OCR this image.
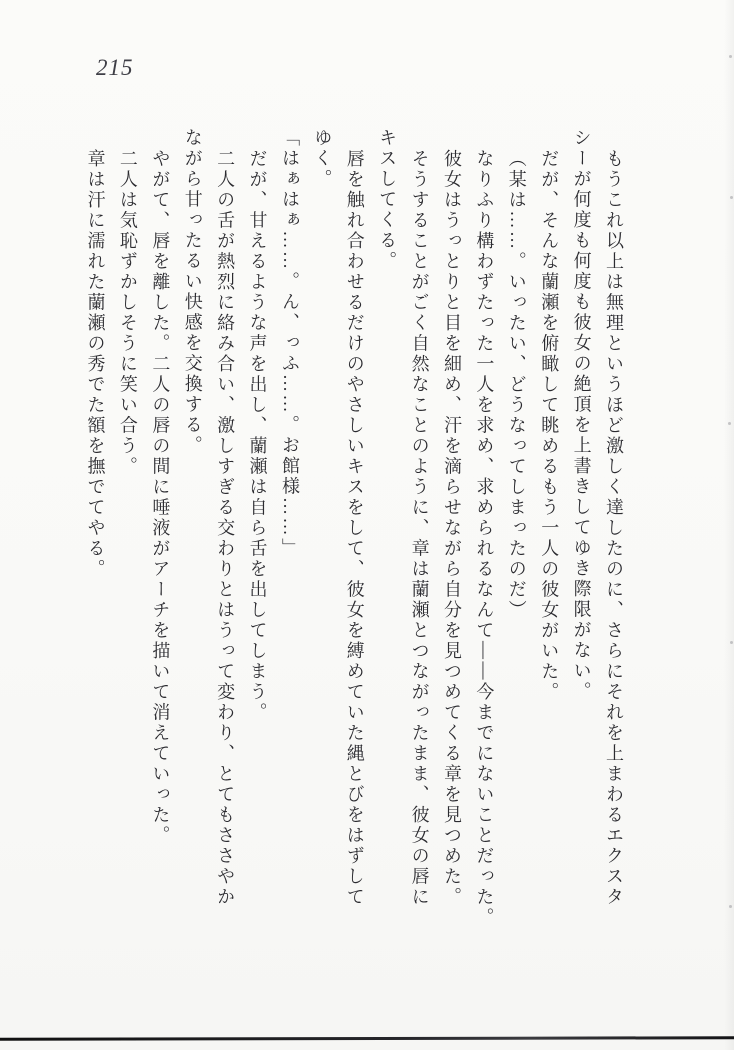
215
もうこれ以上は無理というほど激しく達したのに、さらにそれを上まわるエクスタ
シーが何度も何度も彼女の絶頂を上書きしてゆき際限がない。
だが、そんな蘭瀬を俯瞰して眺めるもう一人の彼女がいた。
（某は……。いったい、どうなってしまったのだ）
なりふり構わずたった一人を求め、求められるなんて――今までにないことだった。
彼女はうっとりと目を細め、汗を滴らせながら自分を見つめてくる章を見つめた。
そうすることがごく自然なことのように、章は蘭瀬とつながったまま、彼女の唇に
キスしてくる。
唇を触れ合わせるだけのやさしいキスをして、彼女を縛めていた縄とびをはずして
ゆく。
「はぁはぁ……。ん、っふ……。お館様……」
だが、甘えるような声を出し、蘭瀬は自ら舌を出してしまう。
二人の舌が熱烈に絡み合い、激しすぎる交わりとはうって変わり、とてもささやか
ながら甘ったるい快感を交換する。
やがて、唇を離した。二人の唇の間に唾液がアーチを描いて消えていった。
二人は気恥ずかしそうに笑い合う。
章は汗に濡れた蘭瀬の秀でた額を撫でてやる。
